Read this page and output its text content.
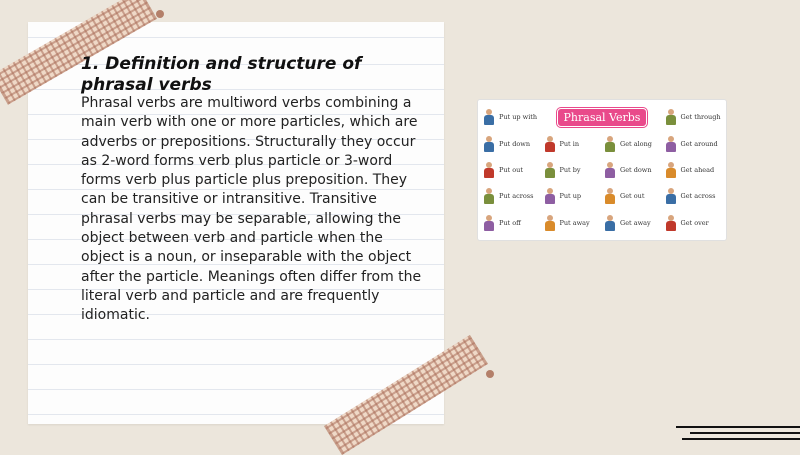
1. Definition and structure of phrasal verbs

Phrasal verbs are multiword verbs combining a main verb with one or more particles, which are adverbs or prepositions. Structurally they occur as 2-word forms verb plus particle or 3-word forms verb plus particle plus preposition. They can be transitive or intransitive. Transitive phrasal verbs may be separable, allowing the object between verb and particle when the object is a noun, or inseparable with the object after the particle. Meanings often differ from the literal verb and particle and are frequently idiomatic.

Put up with	Phrasal Verbs	Get through
Put down	Put in	Get along	Get around
Put out	Put by	Get down	Get ahead
Put across	Put up	Get out	Get across
Put off	Put away	Get away	Get over
